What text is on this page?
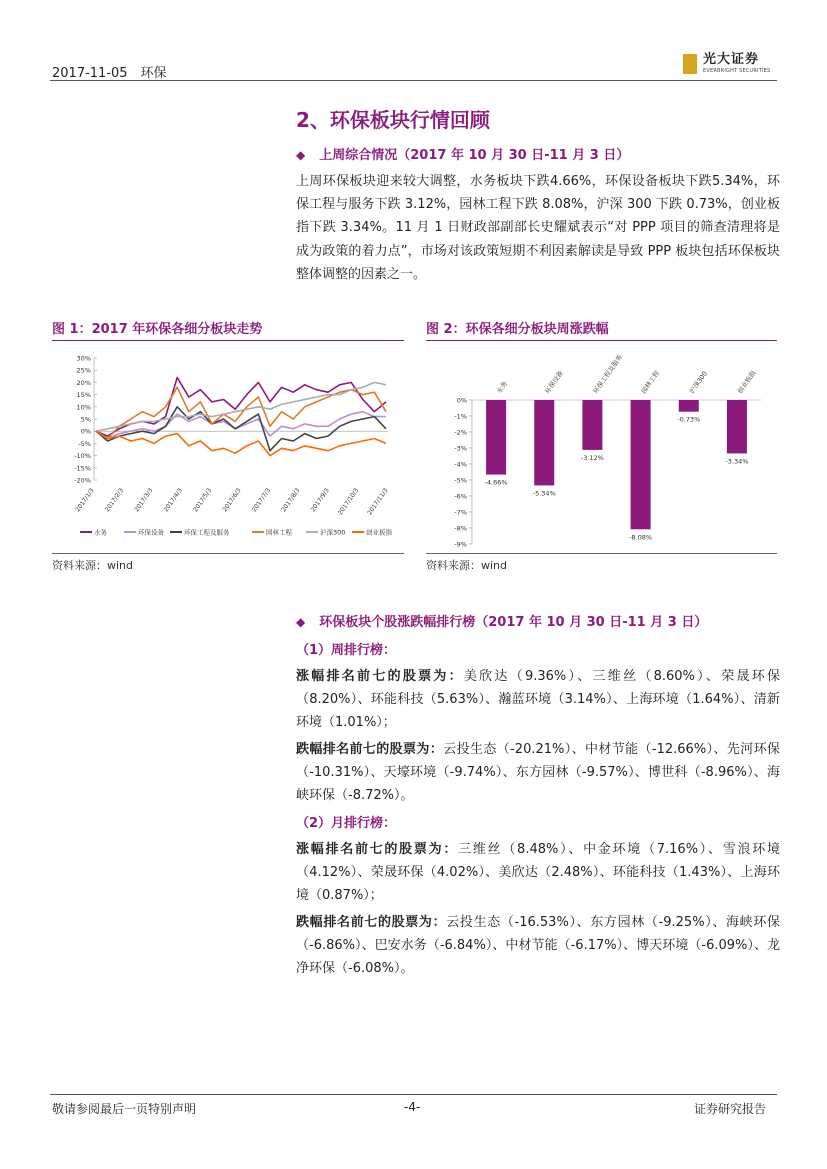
2017-11-05　环保
光大证券
EVERBRIGHT SECURITIES
2、环保板块行情回顾
◆ 上周综合情况（2017 年 10 月 30 日-11 月 3 日）
上周环保板块迎来较大调整，水务板块下跌4.66%，环保设备板块下跌5.34%，环保工程与服务下跌 3.12%，园林工程下跌 8.08%，沪深 300 下跌 0.73%，创业板指下跌 3.34%。11 月 1 日财政部副部长史耀斌表示“对 PPP 项目的筛查清理将是成为政策的着力点”，市场对该政策短期不利因素解读是导致 PPP 板块包括环保板块整体调整的因素之一。
图 1：2017 年环保各细分板块走势
30%
25%
20%
15%
10%
5%
0%
-5%
-10%
-15%
-20%
2017/1/3 2017/2/3 2017/3/3 2017/4/3 2017/5/3 2017/6/3 2017/7/3 2017/8/3 2017/9/3 2017/10/3 2017/11/3
水务	环保设备	环保工程及服务	园林工程	沪深300	创业板指
资料来源：wind
图 2：环保各细分板块周涨跌幅
0%
-1%
-2%
-3%
-4%
-5%
-6%
-7%
-8%
-9%
-4.66%
水务
-5.34%
环保设备
-3.12%
环保工程及服务
-8.08%
园林工程
-0.73%
沪深300
-3.34%
创业板指
资料来源：wind
◆ 环保板块个股涨跌幅排行榜（2017 年 10 月 30 日-11 月 3 日）
（1）周排行榜：
涨幅排名前七的股票为：美欣达（9.36%）、三维丝（8.60%）、荣晟环保（8.20%）、环能科技（5.63%）、瀚蓝环境（3.14%）、上海环境（1.64%）、清新环境（1.01%）；
跌幅排名前七的股票为：云投生态（-20.21%）、中材节能（-12.66%）、先河环保（-10.31%）、天壕环境（-9.74%）、东方园林（-9.57%）、博世科（-8.96%）、海峡环保（-8.72%）。
（2）月排行榜：
涨幅排名前七的股票为：三维丝（8.48%）、中金环境（7.16%）、雪浪环境（4.12%）、荣晟环保（4.02%）、美欣达（2.48%）、环能科技（1.43%）、上海环境（0.87%）；
跌幅排名前七的股票为：云投生态（-16.53%）、东方园林（-9.25%）、海峡环保（-6.86%）、巴安水务（-6.84%）、中材节能（-6.17%）、博天环境（-6.09%）、龙净环保（-6.08%）。
敬请参阅最后一页特别声明	-4-	证券研究报告
